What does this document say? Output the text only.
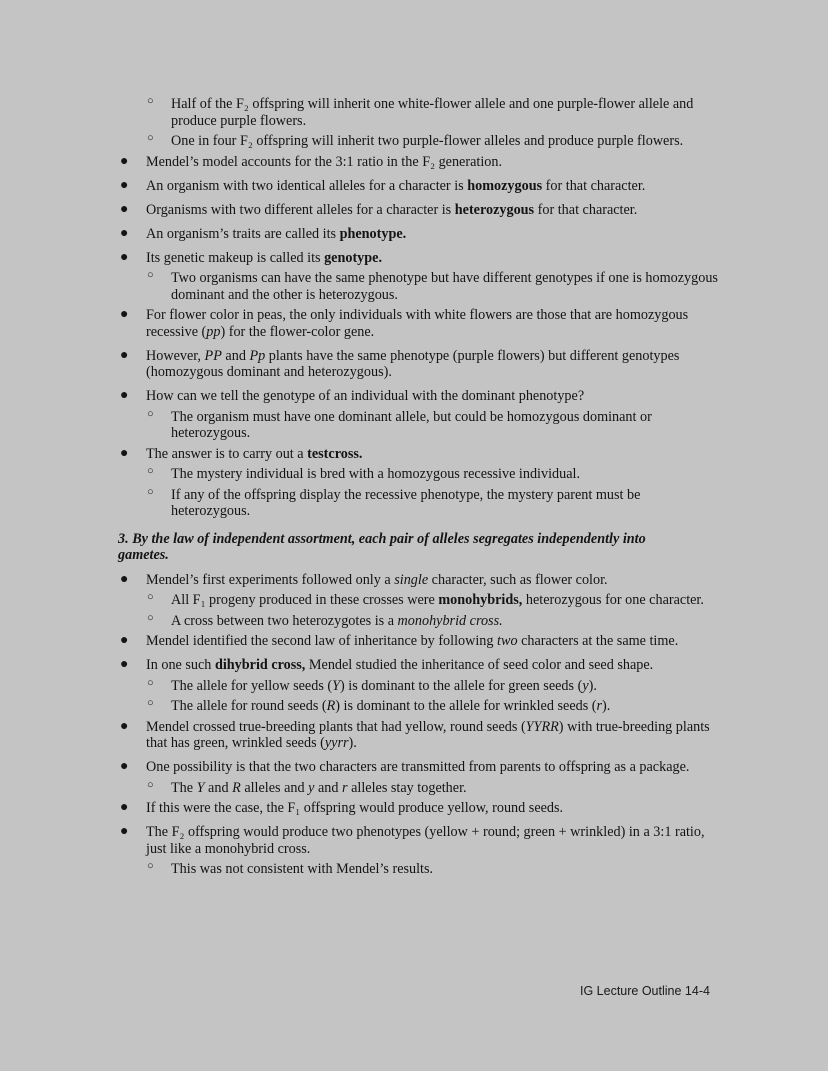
○ Half of the F₂ offspring will inherit one white-flower allele and one purple-flower allele and produce purple flowers.
○ One in four F₂ offspring will inherit two purple-flower alleles and produce purple flowers.
● Mendel’s model accounts for the 3:1 ratio in the F₂ generation.
● An organism with two identical alleles for a character is homozygous for that character.
● Organisms with two different alleles for a character is heterozygous for that character.
● An organism’s traits are called its phenotype.
● Its genetic makeup is called its genotype.
○ Two organisms can have the same phenotype but have different genotypes if one is homozygous dominant and the other is heterozygous.
● For flower color in peas, the only individuals with white flowers are those that are homozygous recessive (pp) for the flower-color gene.
● However, PP and Pp plants have the same phenotype (purple flowers) but different genotypes (homozygous dominant and heterozygous).
● How can we tell the genotype of an individual with the dominant phenotype?
○ The organism must have one dominant allele, but could be homozygous dominant or heterozygous.
● The answer is to carry out a testcross.
○ The mystery individual is bred with a homozygous recessive individual.
○ If any of the offspring display the recessive phenotype, the mystery parent must be heterozygous.
3. By the law of independent assortment, each pair of alleles segregates independently into gametes.
● Mendel’s first experiments followed only a single character, such as flower color.
○ All F₁ progeny produced in these crosses were monohybrids, heterozygous for one character.
○ A cross between two heterozygotes is a monohybrid cross.
● Mendel identified the second law of inheritance by following two characters at the same time.
● In one such dihybrid cross, Mendel studied the inheritance of seed color and seed shape.
○ The allele for yellow seeds (Y) is dominant to the allele for green seeds (y).
○ The allele for round seeds (R) is dominant to the allele for wrinkled seeds (r).
● Mendel crossed true-breeding plants that had yellow, round seeds (YYRR) with true-breeding plants that has green, wrinkled seeds (yyrr).
● One possibility is that the two characters are transmitted from parents to offspring as a package.
○ The Y and R alleles and y and r alleles stay together.
● If this were the case, the F₁ offspring would produce yellow, round seeds.
● The F₂ offspring would produce two phenotypes (yellow + round; green + wrinkled) in a 3:1 ratio, just like a monohybrid cross.
○ This was not consistent with Mendel’s results.
IG Lecture Outline 14-4
